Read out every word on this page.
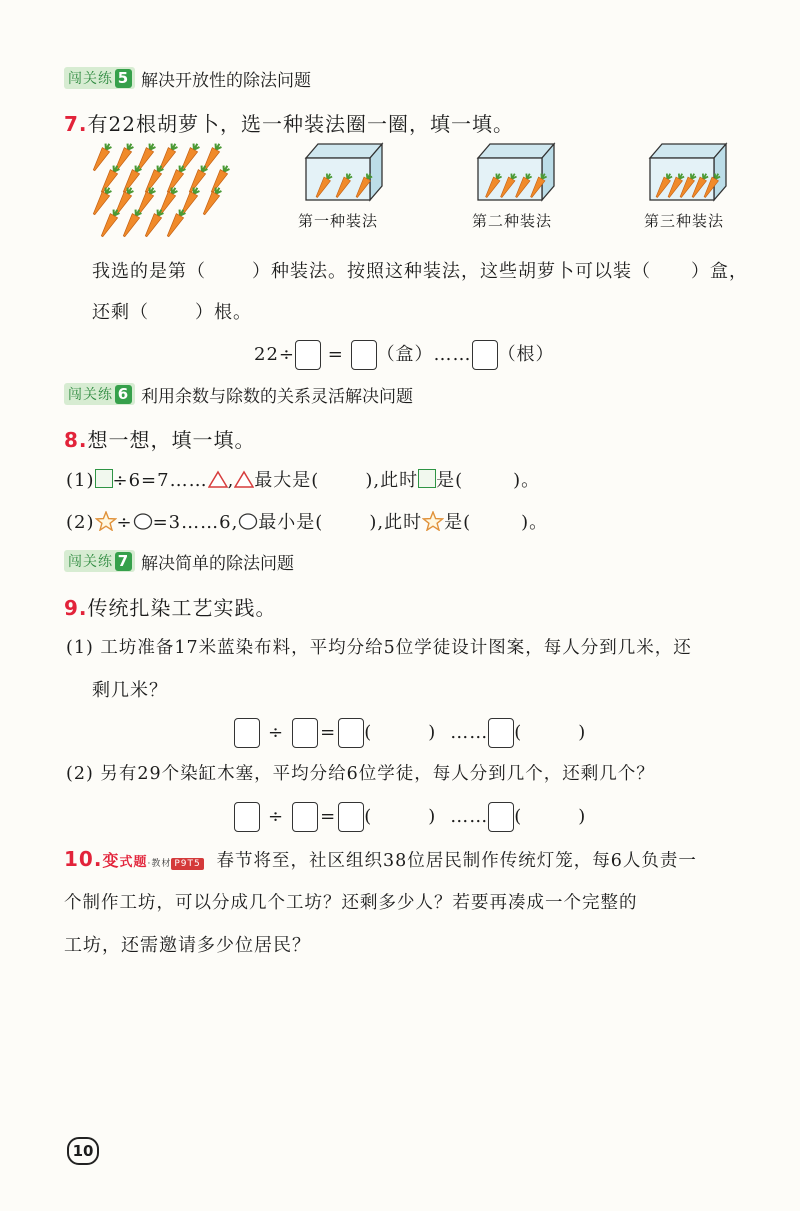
闯关练 5 解决开放性的除法问题
7.有22根胡萝卜，选一种装法圈一圈，填一填。
第一种装法	第二种装法	第三种装法
我选的是第（	）种装法。按照这种装法，这些胡萝卜可以装（ ）盒，
还剩（	）根。
22÷ = （盒）…… （根）
闯关练 6 利用余数与除数的关系灵活解决问题
8.想一想，填一填。
(1) ÷6=7…… , 最大是(	),此时 是(	)。
(2) ÷ =3……6, 最小是(	),此时 是(	)。
闯关练 7 解决简单的除法问题
9.传统扎染工艺实践。
(1) 工坊准备17米蓝染布料，平均分给5位学徒设计图案，每人分到几米，还
剩几米？
÷ = (	) …… (	)
(2) 另有29个染缸木塞，平均分给6位学徒，每人分到几个，还剩几个？
÷ = (	) …… (	)
10.变式题·教材 P9T5 春节将至，社区组织38位居民制作传统灯笼，每6人负责一
个制作工坊，可以分成几个工坊？还剩多少人？若要再凑成一个完整的
工坊，还需邀请多少位居民？
10
